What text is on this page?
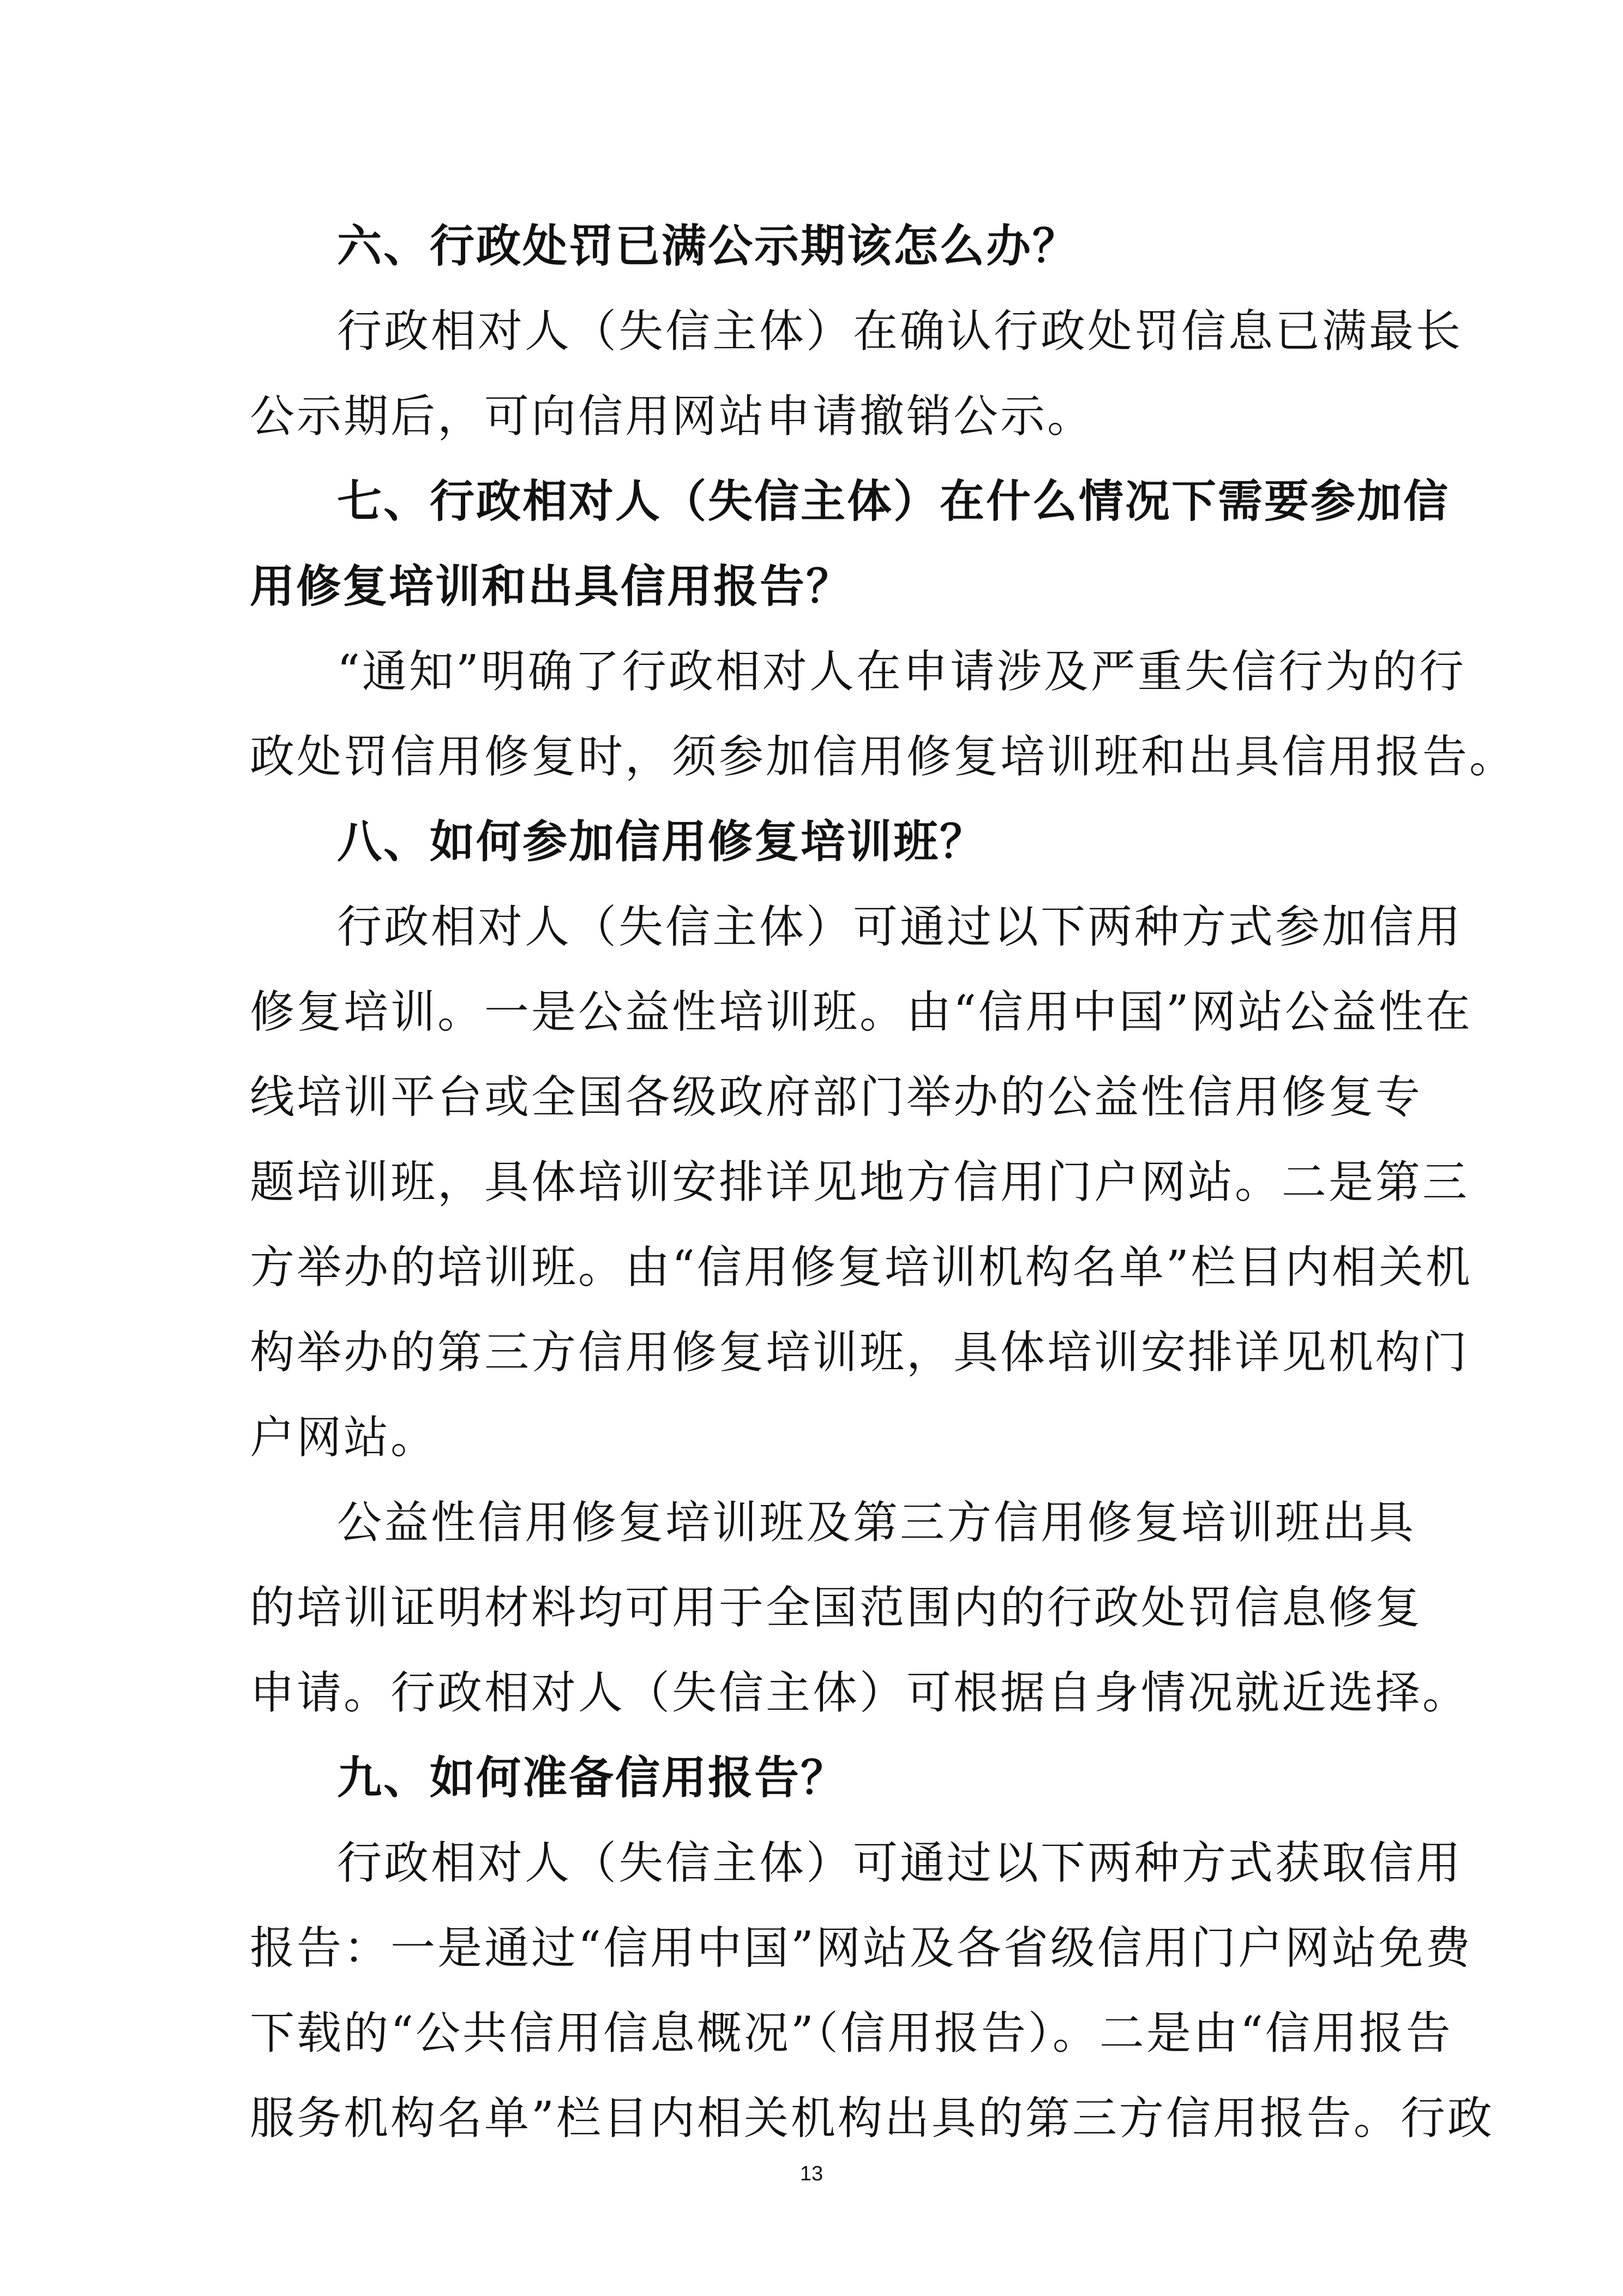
六、行政处罚已满公示期该怎么办？
行政相对人（失信主体）在确认行政处罚信息已满最长
公示期后，可向信用网站申请撤销公示。
七、行政相对人（失信主体）在什么情况下需要参加信
用修复培训和出具信用报告？
“通知”明确了行政相对人在申请涉及严重失信行为的行
政处罚信用修复时，须参加信用修复培训班和出具信用报告。
八、如何参加信用修复培训班？
行政相对人（失信主体）可通过以下两种方式参加信用
修复培训。一是公益性培训班。由“信用中国”网站公益性在
线培训平台或全国各级政府部门举办的公益性信用修复专
题培训班，具体培训安排详见地方信用门户网站。二是第三
方举办的培训班。由“信用修复培训机构名单”栏目内相关机
构举办的第三方信用修复培训班，具体培训安排详见机构门
户网站。
公益性信用修复培训班及第三方信用修复培训班出具
的培训证明材料均可用于全国范围内的行政处罚信息修复
申请。行政相对人（失信主体）可根据自身情况就近选择。
九、如何准备信用报告？
行政相对人（失信主体）可通过以下两种方式获取信用
报告：一是通过“信用中国”网站及各省级信用门户网站免费
下载的“公共信用信息概况”（信用报告）。二是由“信用报告
服务机构名单”栏目内相关机构出具的第三方信用报告。行政
13
